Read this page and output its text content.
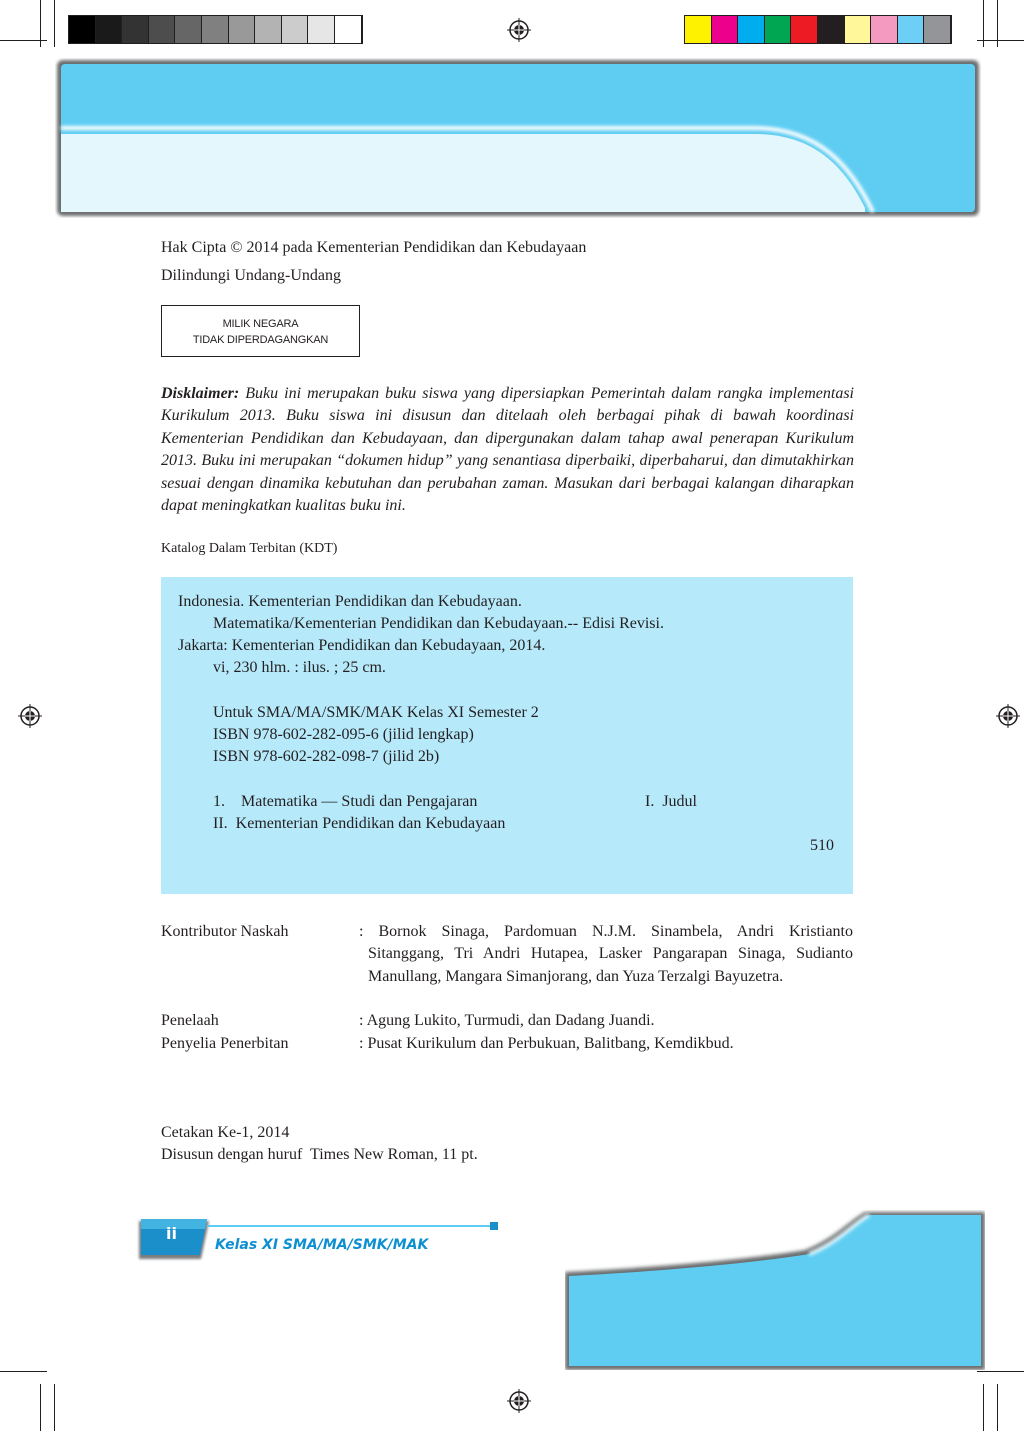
Hak Cipta © 2014 pada Kementerian Pendidikan dan Kebudayaan
Dilindungi Undang-Undang
MILIK NEGARA
TIDAK DIPERDAGANGKAN
Disklaimer: Buku ini merupakan buku siswa yang dipersiapkan Pemerintah dalam rangka implementasi Kurikulum 2013. Buku siswa ini disusun dan ditelaah oleh berbagai pihak di bawah koordinasi Kementerian Pendidikan dan Kebudayaan, dan dipergunakan dalam tahap awal penerapan Kurikulum 2013. Buku ini merupakan “dokumen hidup” yang senantiasa diperbaiki, diperbaharui, dan dimutakhirkan sesuai dengan dinamika kebutuhan dan perubahan zaman. Masukan dari berbagai kalangan diharapkan dapat meningkatkan kualitas buku ini.
Katalog Dalam Terbitan (KDT)
Indonesia. Kementerian Pendidikan dan Kebudayaan.
Matematika/Kementerian Pendidikan dan Kebudayaan.-- Edisi Revisi.
Jakarta: Kementerian Pendidikan dan Kebudayaan, 2014.
vi, 230 hlm. : ilus. ; 25 cm.
Untuk SMA/MA/SMK/MAK Kelas XI Semester 2
ISBN 978-602-282-095-6 (jilid lengkap)
ISBN 978-602-282-098-7 (jilid 2b)
1.    Matematika — Studi dan Pengajaran	I.  Judul
II.  Kementerian Pendidikan dan Kebudayaan
510
Kontributor Naskah	: Bornok Sinaga, Pardomuan N.J.M. Sinambela, Andri Kristianto Sitanggang, Tri Andri Hutapea, Lasker Pangarapan Sinaga, Sudianto Manullang, Mangara Simanjorang, dan Yuza Terzalgi Bayuzetra.
Penelaah	: Agung Lukito, Turmudi, dan Dadang Juandi.
Penyelia Penerbitan	: Pusat Kurikulum dan Perbukuan, Balitbang, Kemdikbud.
Cetakan Ke-1, 2014
Disusun dengan huruf  Times New Roman, 11 pt.
ii
Kelas XI SMA/MA/SMK/MAK
